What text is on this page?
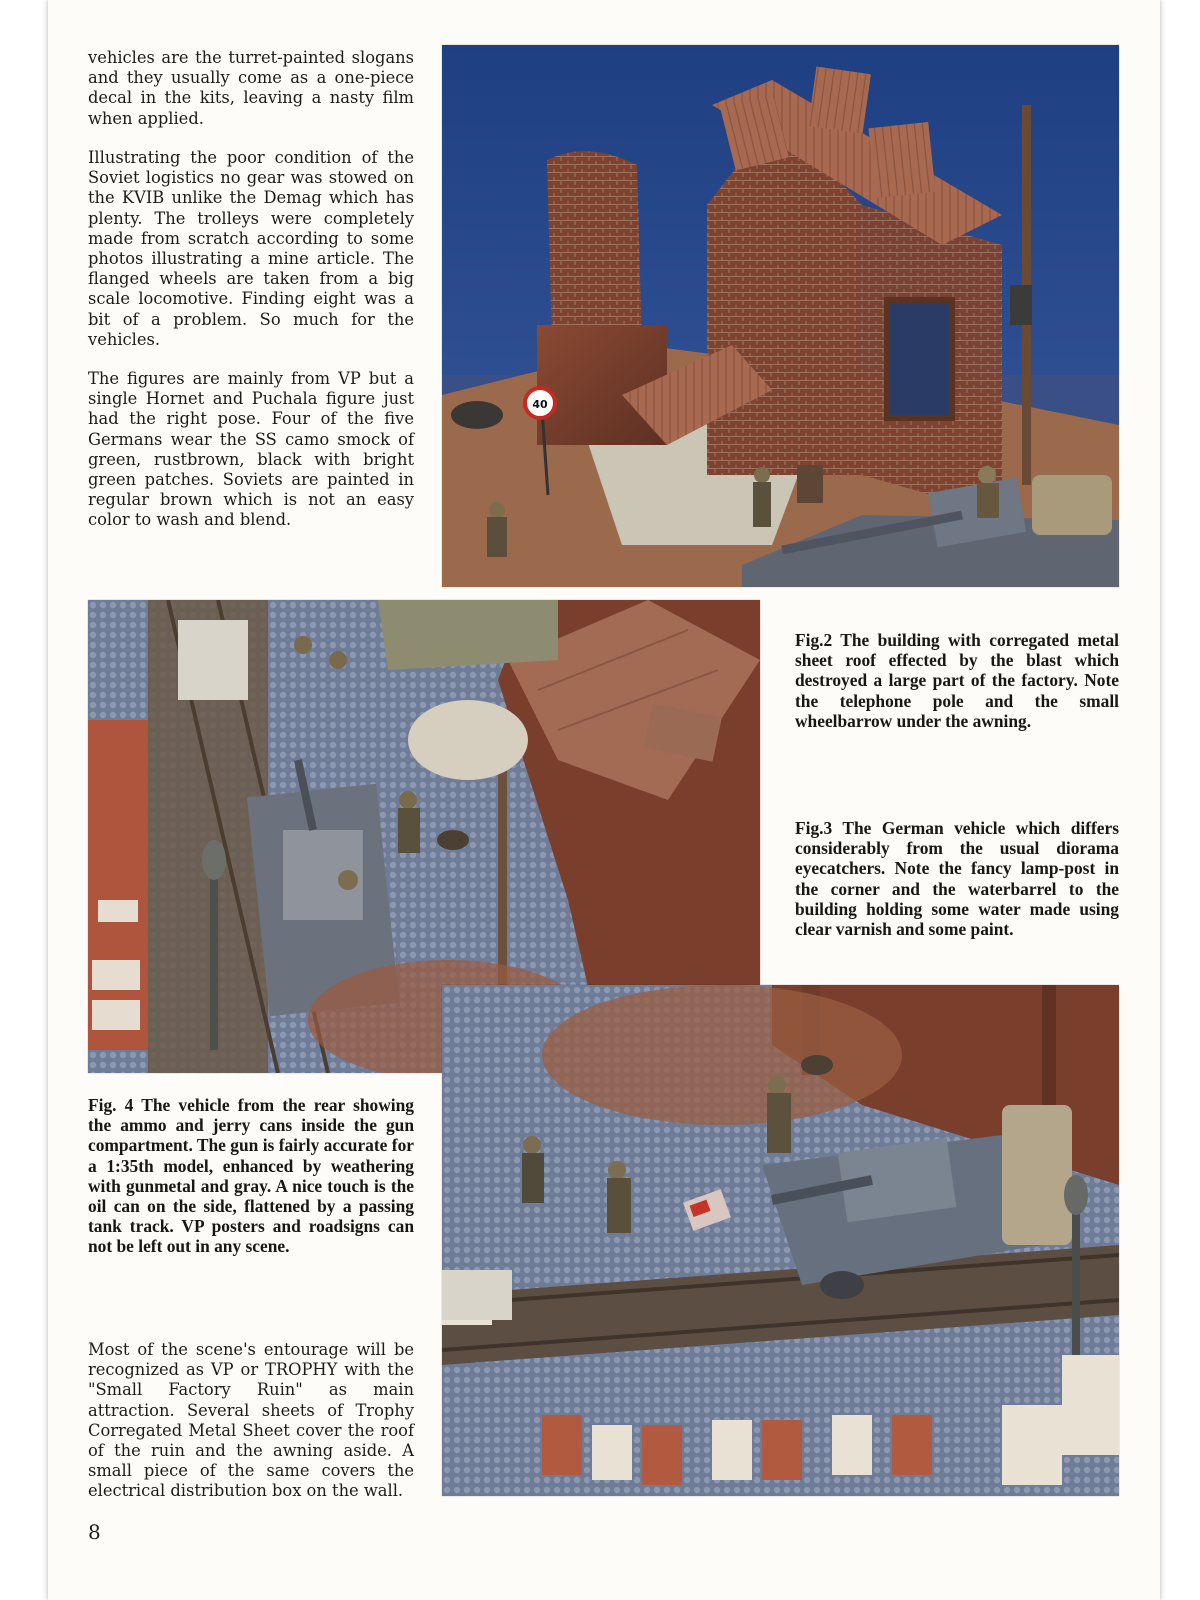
vehicles are the turret-painted slogans and they usually come as a one-piece decal in the kits, leaving a nasty film when applied.

Illustrating the poor condition of the Soviet logistics no gear was stowed on the KVIB unlike the Demag which has plenty. The trolleys were completely made from scratch according to some photos illustrating a mine article. The flanged wheels are taken from a big scale locomotive. Finding eight was a bit of a problem. So much for the vehicles.

The figures are mainly from VP but a single Hornet and Puchala figure just had the right pose. Four of the five Germans wear the SS camo smock of green, rustbrown, black with bright green patches. Soviets are painted in regular brown which is not an easy color to wash and blend.

40

Fig.2 The building with corregated metal sheet roof effected by the blast which destroyed a large part of the factory. Note the telephone pole and the small wheelbarrow under the awning.

Fig.3 The German vehicle which differs considerably from the usual diorama eyecatchers. Note the fancy lamp-post in the corner and the waterbarrel to the building holding some water made using clear varnish and some paint.

Fig. 4 The vehicle from the rear showing the ammo and jerry cans inside the gun compartment. The gun is fairly accurate for a 1:35th model, enhanced by weathering with gunmetal and gray. A nice touch is the oil can on the side, flattened by a passing tank track. VP posters and roadsigns can not be left out in any scene.

Most of the scene's entourage will be recognized as VP or TROPHY with the "Small Factory Ruin" as main attraction. Several sheets of Trophy Corregated Metal Sheet cover the roof of the ruin and the awning aside. A small piece of the same covers the electrical distribution box on the wall.

8
